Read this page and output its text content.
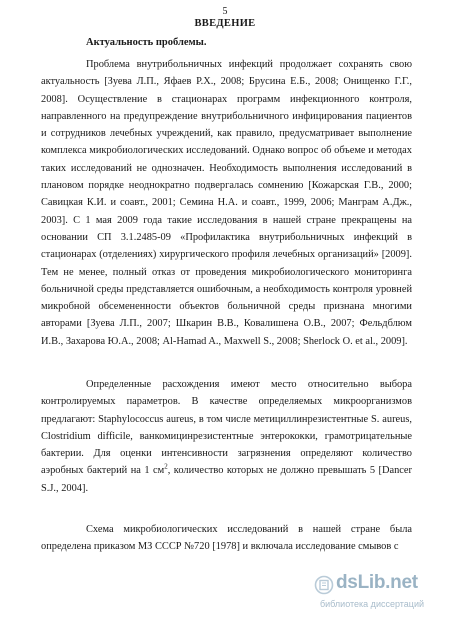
5
ВВЕДЕНИЕ
Актуальность проблемы.

Проблема внутрибольничных инфекций продолжает сохранять свою актуальность [Зуева Л.П., Яфаев Р.Х., 2008; Брусина Е.Б., 2008; Онищенко Г.Г., 2008]. Осуществление в стационарах программ инфекционного контроля, направленного на предупреждение внутрибольничного инфицирования пациентов и сотрудников лечебных учреждений, как правило, предусматривает выполнение комплекса микробиологических исследований. Однако вопрос об объеме и методах таких исследований не однозначен. Необходимость выполнения исследований в плановом порядке неоднократно подвергалась сомнению [Кожарская Г.В., 2000; Савицкая К.И. и соавт., 2001; Семина Н.А. и соавт., 1999, 2006; Манграм А.Дж., 2003]. С 1 мая 2009 года такие исследования в нашей стране прекращены на основании СП 3.1.2485-09 «Профилактика внутрибольничных инфекций в стационарах (отделениях) хирургического профиля лечебных организаций» [2009]. Тем не менее, полный отказ от проведения микробиологического мониторинга больничной среды представляется ошибочным, а необходимость контроля уровней микробной обсемененности объектов больничной среды признана многими авторами [Зуева Л.П., 2007; Шкарин В.В., Ковалишена О.В., 2007; Фельдблюм И.В., Захарова Ю.А., 2008; Al-Hamad A., Maxwell S., 2008; Sherlock O. et al., 2009].

Определенные расхождения имеют место относительно выбора контролируемых параметров. В качестве определяемых микроорганизмов предлагают: Staphylococcus aureus, в том числе метициллинрезистентные S. aureus, Clostridium difficile, ванкомицинрезистентные энтерококки, грамотрицательные бактерии. Для оценки интенсивности загрязнения определяют количество аэробных бактерий на 1 $см^2$, количество которых не должно превышать 5 [Dancer S.J., 2004].

Схема микробиологических исследований в нашей стране была определена приказом МЗ СССР №720 [1978] и включала исследование смывов с

dsLib.net
библиотека диссертаций
